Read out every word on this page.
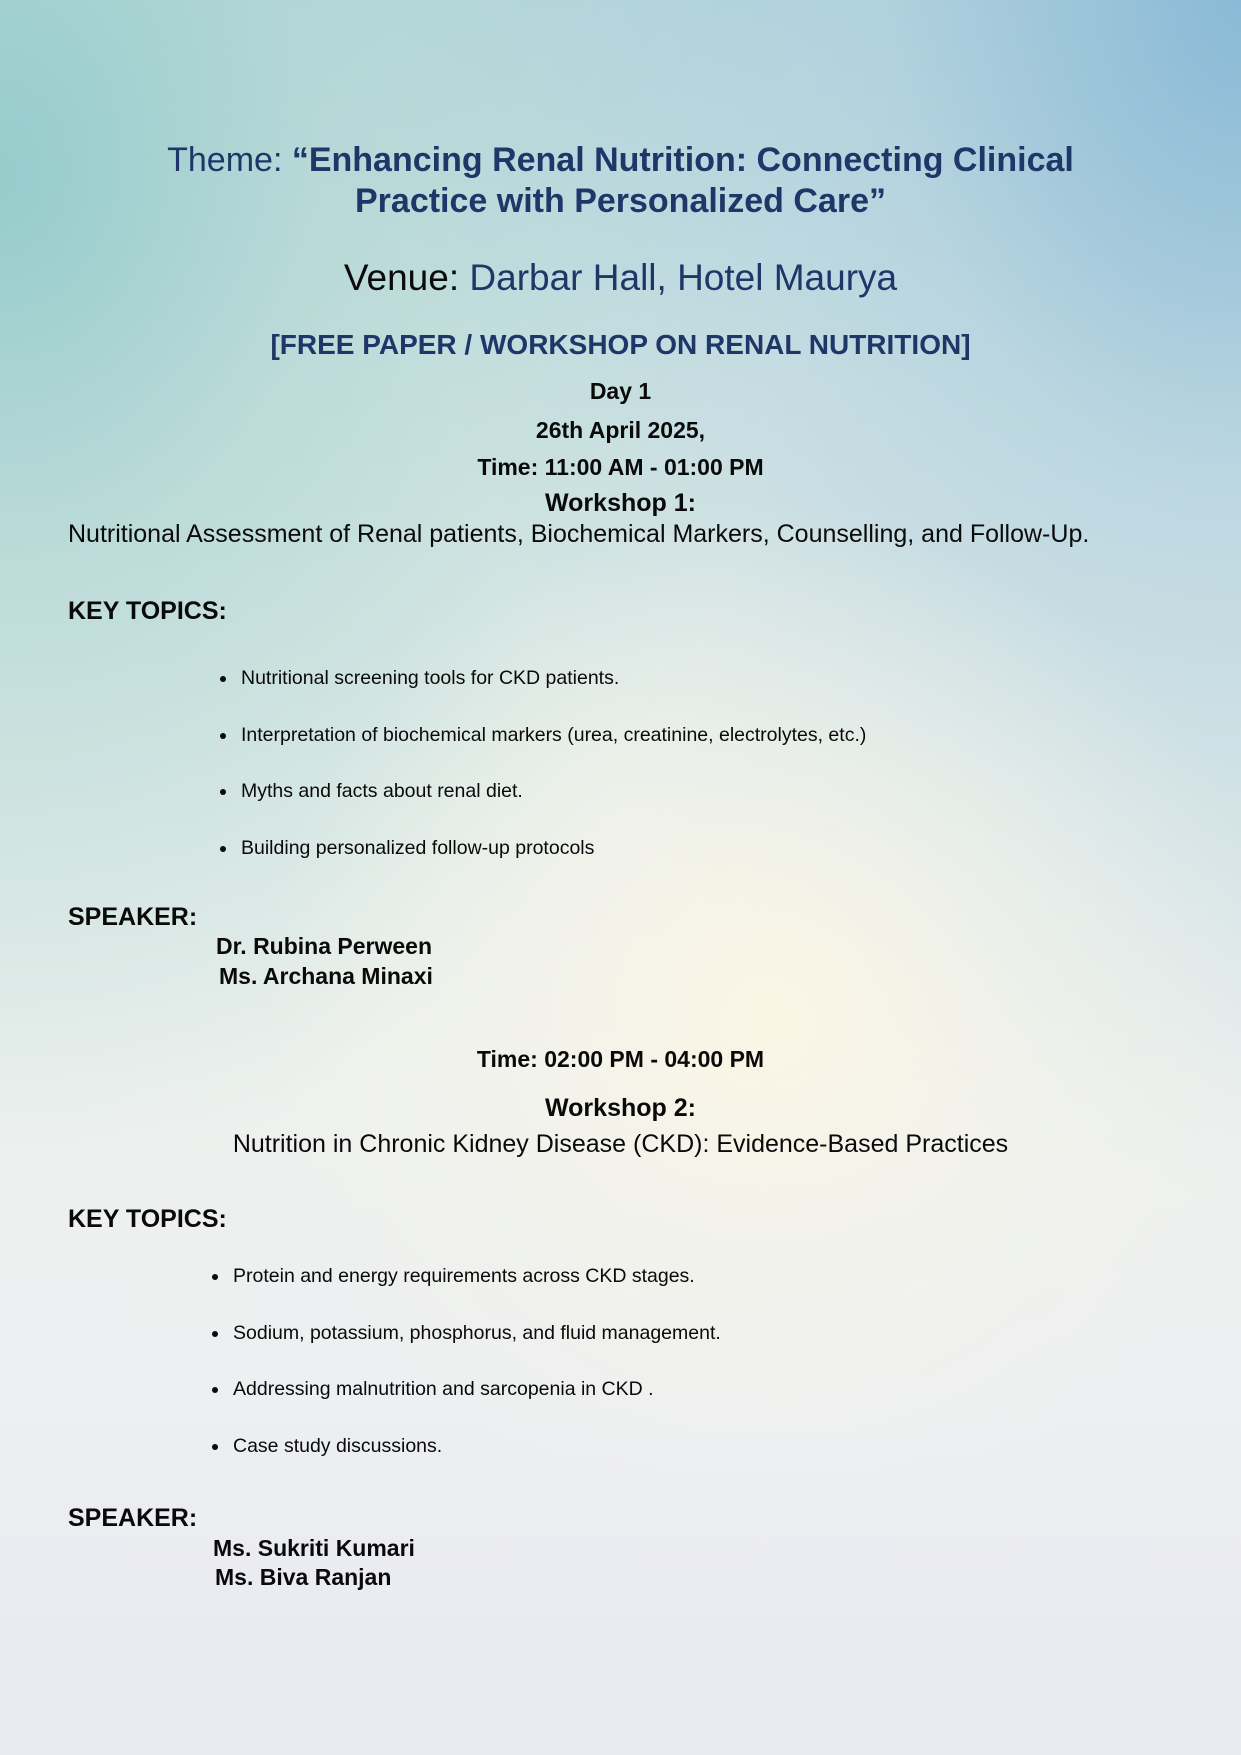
Theme: “Enhancing Renal Nutrition: Connecting Clinical
Practice with Personalized Care”
Venue: Darbar Hall, Hotel Maurya
[FREE PAPER / WORKSHOP ON RENAL NUTRITION]
Day 1
26th April 2025,
Time: 11:00 AM - 01:00 PM
Workshop 1:
Nutritional Assessment of Renal patients, Biochemical Markers, Counselling, and Follow-Up.
KEY TOPICS:
Nutritional screening tools for CKD patients.
Interpretation of biochemical markers (urea, creatinine, electrolytes, etc.)
Myths and facts about renal diet.
Building personalized follow-up protocols
SPEAKER:
Dr. Rubina Perween
Ms. Archana Minaxi
Time: 02:00 PM - 04:00 PM
Workshop 2:
Nutrition in Chronic Kidney Disease (CKD): Evidence-Based Practices
KEY TOPICS:
Protein and energy requirements across CKD stages.
Sodium, potassium, phosphorus, and fluid management.
Addressing malnutrition and sarcopenia in CKD .
Case study discussions.
SPEAKER:
Ms. Sukriti Kumari
Ms. Biva Ranjan
